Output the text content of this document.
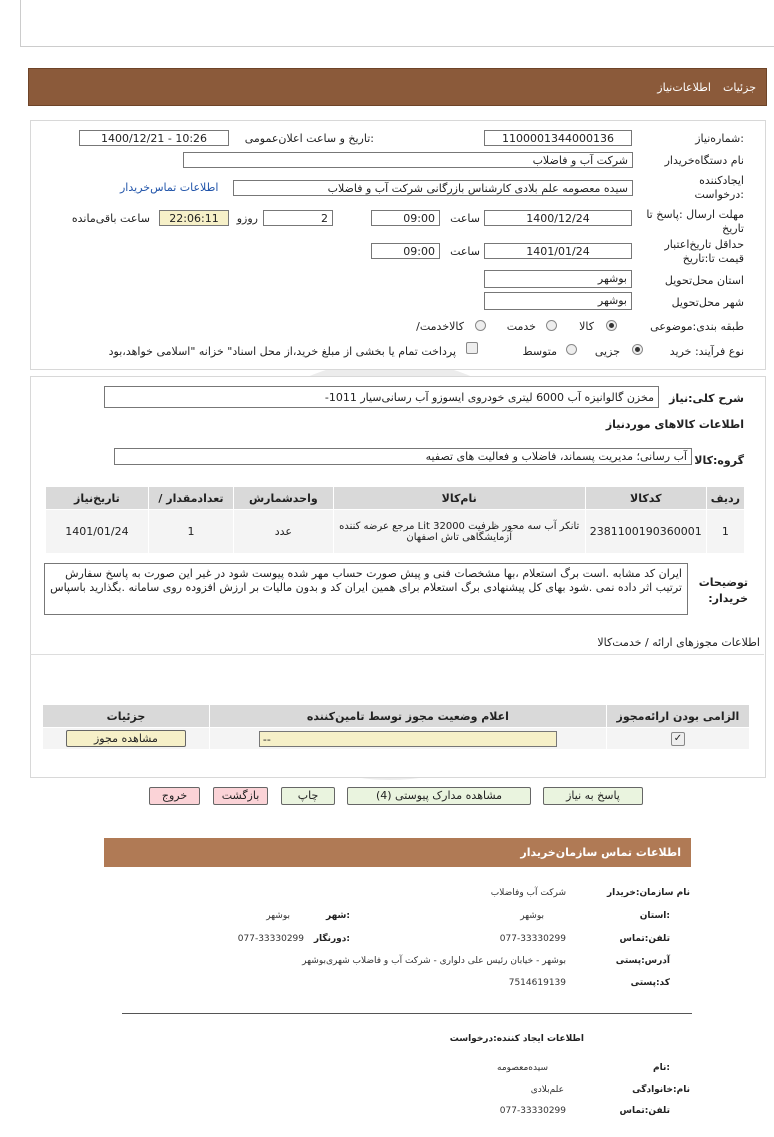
جزئیات
اطلاعات‌نیاز
شماره‌نیاز:
1100001344000136
تاریخ و ساعت اعلان‌عمومی:
1400/12/21 - 10:26
نام دستگاه‌خریدار
شرکت آب و فاضلاب
ایجادکننده
درخواست:
سیده معصومه علم بلادی کارشناس بازرگانی شرکت آب و فاضلاب
اطلاعات تماس‌خریدار
مهلت ارسال :پاسخ تا
تاریخ
1400/12/24
ساعت
09:00
2
روزو
22:06:11
ساعت باقی‌مانده
حداقل تاریخ‌اعتبار
قیمت تا:تاریخ
1401/01/24
ساعت
09:00
استان محل‌تحویل
بوشهر
شهر محل‌تحویل
بوشهر
طبقه بندی:موضوعی
کالا
خدمت
/کالاخدمت
نوع فرآیند: خرید
جزیی
متوسط
پرداخت تمام یا بخشی از مبلغ خرید،از محل اسناد" خزانه "اسلامی خواهد،بود
شرح کلی:نیاز
-1011 مخزن گالوانیزه آب 6000 لیتری خودروی ایسوزو آب رسانی‌سیار
اطلاعات کالاهای موردنیاز
گروه:کالا
آب رسانی؛ مدیریت پسماند، فاضلاب و فعالیت های تصفیه
تاریخ‌نیاز	/ تعدادمقدار	واحدشمارش	نام‌کالا	کدکالا	ردیف
1401/01/24	1	عدد	تانکر آب سه محور ظرفیت 32000 Lit مرجع عرضه کننده آزمایشگاهی تاش اصفهان	2381100190360001	1
توضیحات
:خریدار
ایران کد مشابه .است برگ استعلام ،بها مشخصات فنی و پیش صورت حساب مهر شده پیوست شود در غیر این صورت به پاسخ سفارش ترتیب اثر داده نمی .شود بهای کل پیشنهادی برگ استعلام برای همین ایران کد و بدون مالیات بر ارزش افزوده روی سامانه .بگذارید باسپاس
اطلاعات مجوزهای ارائه / خدمت‌کالا
جزئیات	اعلام وضعیت مجوز توسط تامین‌کننده	الزامی بودن ارائه‌مجوز
مشاهده مجوز	--	✓
پاسخ به نیاز
مشاهده مدارک پیوستی (4)
چاپ
بازگشت
خروج
اطلاعات تماس سازمان‌خریدار
نام سازمان:خریدار
شرکت آب وفاضلاب
استان:
بوشهر
شهر:
بوشهر
تلفن:تماس
077-33330299
دورنگار:
077-33330299
آدرس:پستی
بوشهر - خیابان رئیس علی دلواری - شرکت آب و فاضلاب شهری‌بوشهر
کد:پستی
7514619139
اطلاعات ایجاد کننده:درخواست
نام:
سیده‌معصومه
نام:خانوادگی
علم‌بلادی
تلفن:تماس
077-33330299
